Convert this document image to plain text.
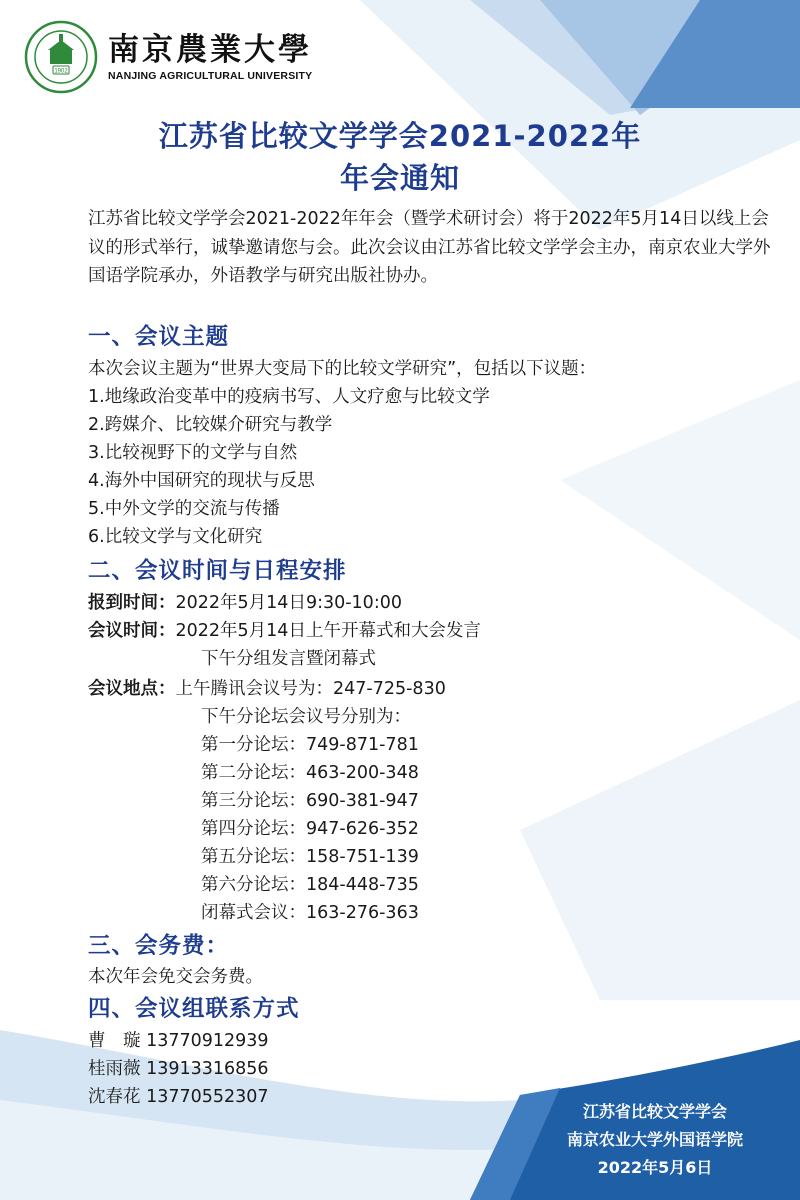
1902
南京農業大學
NANJING AGRICULTURAL UNIVERSITY
江苏省比较文学学会2021-2022年
年会通知
江苏省比较文学学会2021-2022年年会（暨学术研讨会）将于2022年5月14日以线上会议的形式举行，诚挚邀请您与会。此次会议由江苏省比较文学学会主办，南京农业大学外国语学院承办，外语教学与研究出版社协办。
一、会议主题
本次会议主题为“世界大变局下的比较文学研究”，包括以下议题：
1.地缘政治变革中的疫病书写、人文疗愈与比较文学
2.跨媒介、比较媒介研究与教学
3.比较视野下的文学与自然
4.海外中国研究的现状与反思
5.中外文学的交流与传播
6.比较文学与文化研究
二、会议时间与日程安排
报到时间：2022年5月14日9:30-10:00
会议时间：2022年5月14日上午开幕式和大会发言
下午分组发言暨闭幕式
会议地点：上午腾讯会议号为：247-725-830
下午分论坛会议号分别为：
第一分论坛：749-871-781
第二分论坛：463-200-348
第三分论坛：690-381-947
第四分论坛：947-626-352
第五分论坛：158-751-139
第六分论坛：184-448-735
闭幕式会议：163-276-363
三、会务费：
本次年会免交会务费。
四、会议组联系方式
曹　璇 13770912939
桂雨薇 13913316856
沈春花 13770552307
江苏省比较文学学会
南京农业大学外国语学院
2022年5月6日
